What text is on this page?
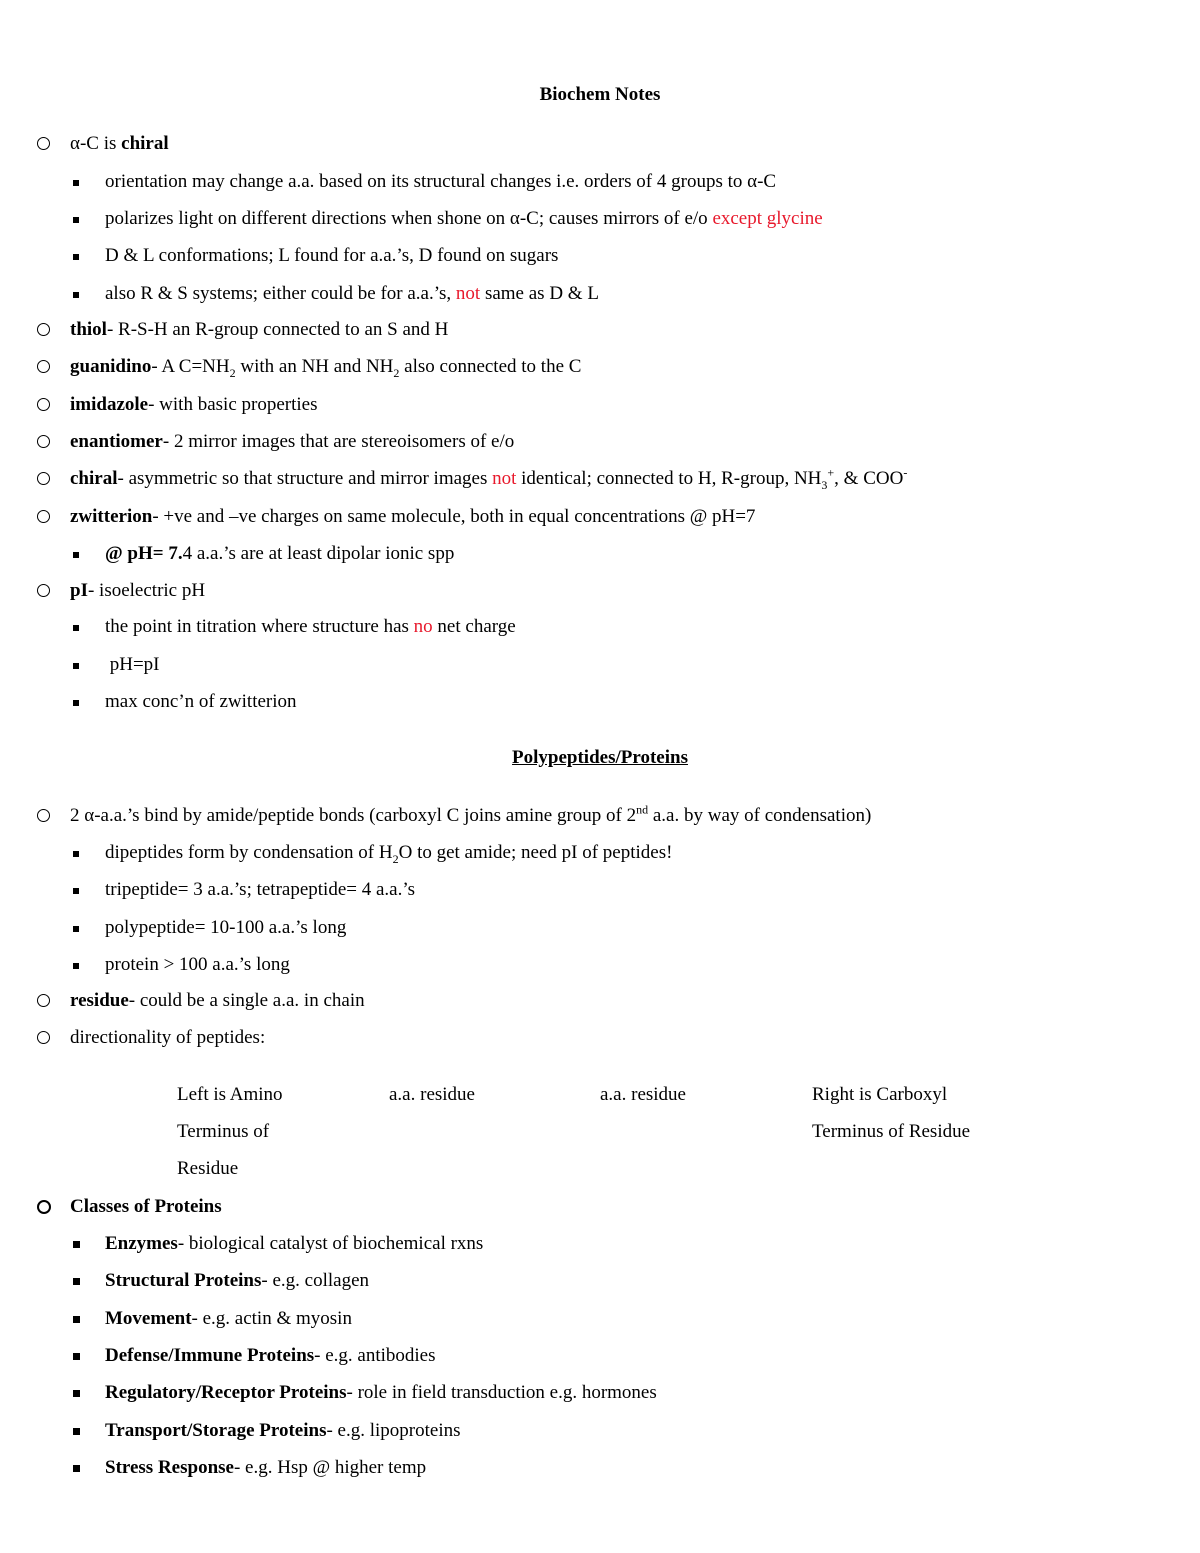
Biochem Notes
α-C is chiral
orientation may change a.a. based on its structural changes i.e. orders of 4 groups to α-C
polarizes light on different directions when shone on α-C; causes mirrors of e/o except glycine
D & L conformations; L found for a.a.’s, D found on sugars
also R & S systems; either could be for a.a.’s, not same as D & L
thiol- R-S-H an R-group connected to an S and H
guanidino- A $C=NH_2$ with an NH and $NH_2$ also connected to the C
imidazole- with basic properties
enantiomer- 2 mirror images that are stereoisomers of e/o
chiral- asymmetric so that structure and mirror images not identical; connected to H, R-group, $NH_3^+$, & COO-
zwitterion- +ve and –ve charges on same molecule, both in equal concentrations @ pH=7
@ pH= 7.4 a.a.’s are at least dipolar ionic spp
pI- isoelectric pH
the point in titration where structure has no net charge
pH=pI
max conc’n of zwitterion
Polypeptides/Proteins
2 α-a.a.’s bind by amide/peptide bonds (carboxyl C joins amine group of 2nd a.a. by way of condensation)
dipeptides form by condensation of $H_2O$ to get amide; need pI of peptides!
tripeptide= 3 a.a.’s; tetrapeptide= 4 a.a.’s
polypeptide= 10-100 a.a.’s long
protein > 100 a.a.’s long
residue- could be a single a.a. in chain
directionality of peptides:
Left is Amino
Terminus of
Residue
a.a. residue	a.a. residue	Right is Carboxyl
Terminus of Residue
Classes of Proteins
Enzymes- biological catalyst of biochemical rxns
Structural Proteins- e.g. collagen
Movement- e.g. actin & myosin
Defense/Immune Proteins- e.g. antibodies
Regulatory/Receptor Proteins- role in field transduction e.g. hormones
Transport/Storage Proteins- e.g. lipoproteins
Stress Response- e.g. Hsp @ higher temp
